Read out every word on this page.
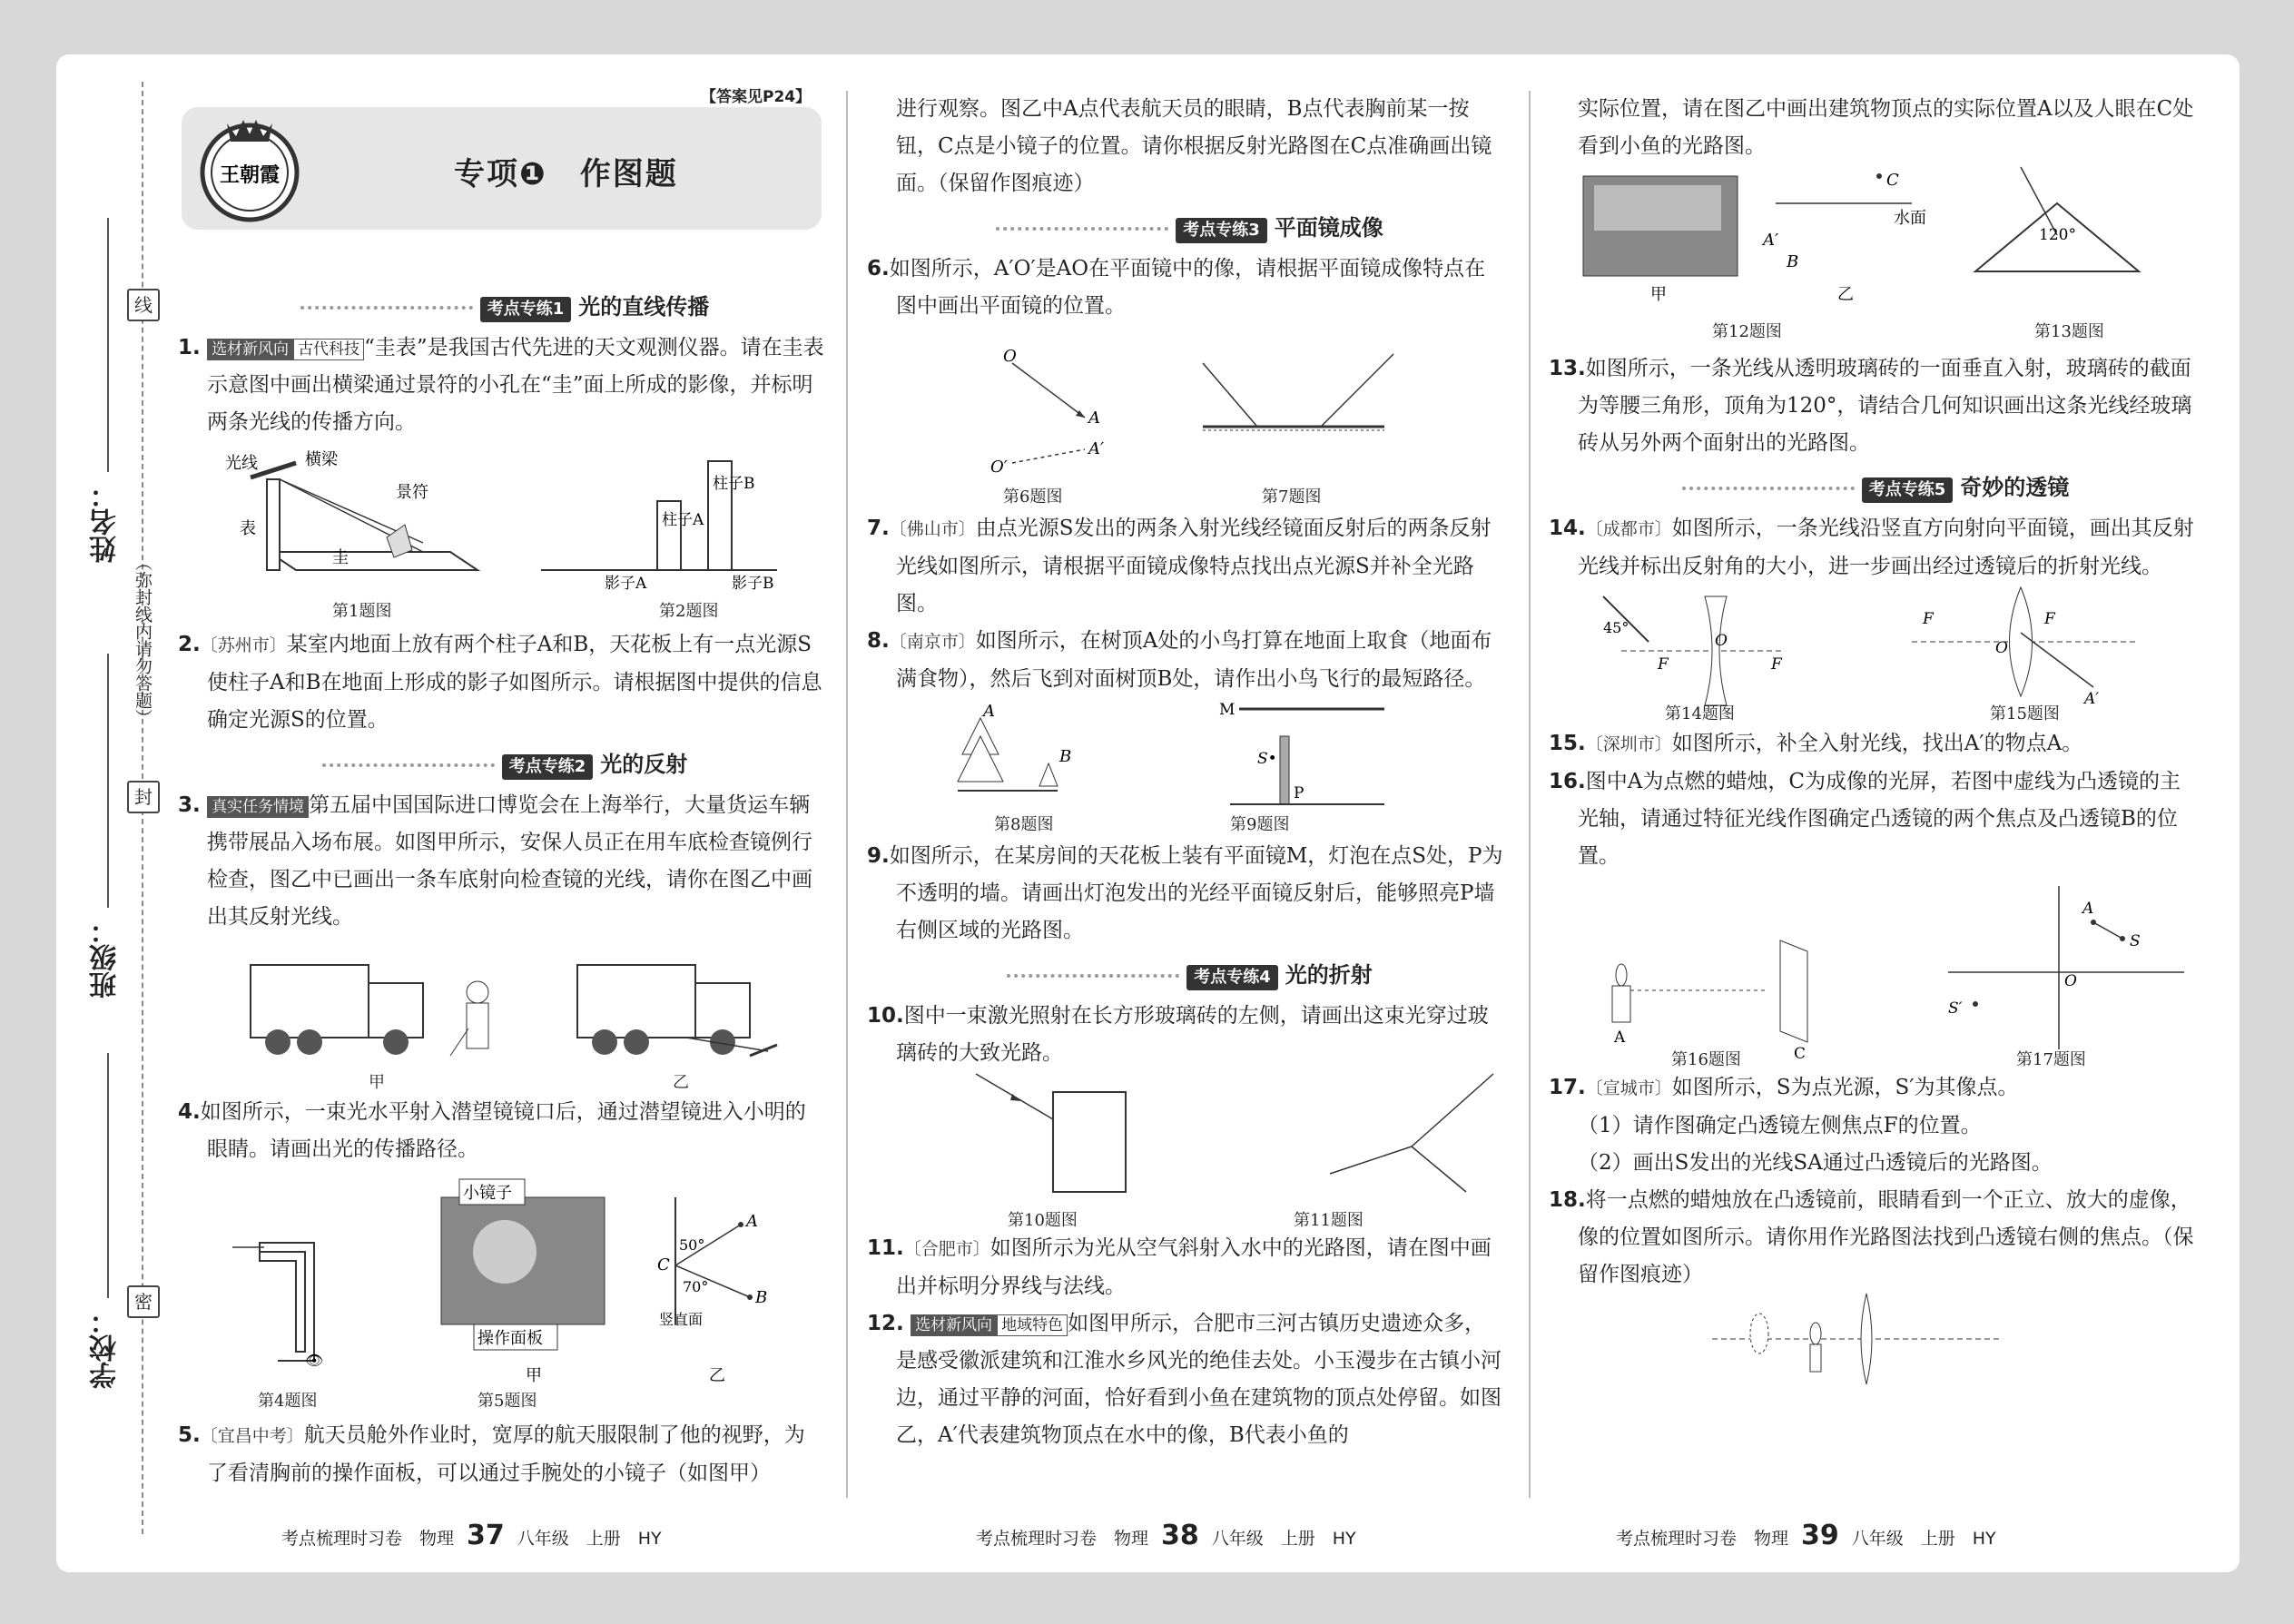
学校：
班级：
姓名：
线
封
密
（弥封线内请勿答题）
专项❶　作图题
【答案见P24】
王朝霞
考点专练1 光的直线传播

1. 选材新风向 古代科技 “圭表”是我国古代先进的天文观测仪器。请在圭表示意图中画出横梁通过景符的小孔在“圭”面上所成的影像，并标明两条光线的传播方向。

光线	横梁
景符
表
圭
柱子A
柱子B
影子A	影子B
第1题图	第2题图

2.〔苏州市〕某室内地面上放有两个柱子A和B，天花板上有一点光源S使柱子A和B在地面上形成的影子如图所示。请根据图中提供的信息确定光源S的位置。

考点专练2 光的反射

3. 真实任务情境 第五届中国国际进口博览会在上海举行，大量货运车辆携带展品入场布展。如图甲所示，安保人员正在用车底检查镜例行检查，图乙中已画出一条车底射向检查镜的光线，请你在图乙中画出其反射光线。

甲	乙

4.如图所示，一束光水平射入潜望镜镜口后，通过潜望镜进入小明的眼睛。请画出光的传播路径。

👁
小镜子
操作面板
A
B
C
50°
70°
竖直面
甲	乙
第4题图	第5题图

5.〔宜昌中考〕航天员舱外作业时，宽厚的航天服限制了他的视野，为了看清胸前的操作面板，可以通过手腕处的小镜子（如图甲）

进行观察。图乙中A点代表航天员的眼睛，B点代表胸前某一按钮，C点是小镜子的位置。请你根据反射光路图在C点准确画出镜面。（保留作图痕迹）

考点专练3 平面镜成像

6.如图所示，A′O′是AO在平面镜中的像，请根据平面镜成像特点在图中画出平面镜的位置。

O
A
O′
A′
第6题图	第7题图

7.〔佛山市〕由点光源S发出的两条入射光线经镜面反射后的两条反射光线如图所示，请根据平面镜成像特点找出点光源S并补全光路图。

8.〔南京市〕如图所示，在树顶A处的小鸟打算在地面上取食（地面布满食物），然后飞到对面树顶B处，请作出小鸟飞行的最短路径。

A
B
M
S•
P
第8题图	第9题图

9.如图所示，在某房间的天花板上装有平面镜M，灯泡在点S处，P为不透明的墙。请画出灯泡发出的光经平面镜反射后，能够照亮P墙右侧区域的光路图。

考点专练4 光的折射

10.图中一束激光照射在长方形玻璃砖的左侧，请画出这束光穿过玻璃砖的大致光路。

第10题图	第11题图

11.〔合肥市〕如图所示为光从空气斜射入水中的光路图，请在图中画出并标明分界线与法线。

12. 选材新风向 地域特色 如图甲所示，合肥市三河古镇历史遗迹众多，是感受徽派建筑和江淮水乡风光的绝佳去处。小玉漫步在古镇小河边，通过平静的河面，恰好看到小鱼在建筑物的顶点处停留。如图乙，A′代表建筑物顶点在水中的像，B代表小鱼的

实际位置，请在图乙中画出建筑物顶点的实际位置A以及人眼在C处看到小鱼的光路图。

C
水面
A′
B
甲	乙
120°
第12题图	第13题图

13.如图所示，一条光线从透明玻璃砖的一面垂直入射，玻璃砖的截面为等腰三角形，顶角为120°，请结合几何知识画出这条光线经玻璃砖从另外两个面射出的光路图。

考点专练5 奇妙的透镜

14.〔成都市〕如图所示，一条光线沿竖直方向射向平面镜，画出其反射光线并标出反射角的大小，进一步画出经过透镜后的折射光线。

45°
F
O
F
F
O
F
A′
第14题图	第15题图

15.〔深圳市〕如图所示，补全入射光线，找出A′的物点A。

16.图中A为点燃的蜡烛，C为成像的光屏，若图中虚线为凸透镜的主光轴，请通过特征光线作图确定凸透镜的两个焦点及凸透镜B的位置。

A
C
A
S
O
S′
第16题图	第17题图

17.〔宣城市〕如图所示，S为点光源，S′为其像点。

（1）请作图确定凸透镜左侧焦点F的位置。

（2）画出S发出的光线SA通过凸透镜后的光路图。

18.将一点燃的蜡烛放在凸透镜前，眼睛看到一个正立、放大的虚像，像的位置如图所示。请你用作光路图法找到凸透镜右侧的焦点。（保留作图痕迹）

考点梳理时习卷　物理 37 八年级　上册　HY	考点梳理时习卷　物理 38 八年级　上册　HY	考点梳理时习卷　物理 39 八年级　上册　HY
